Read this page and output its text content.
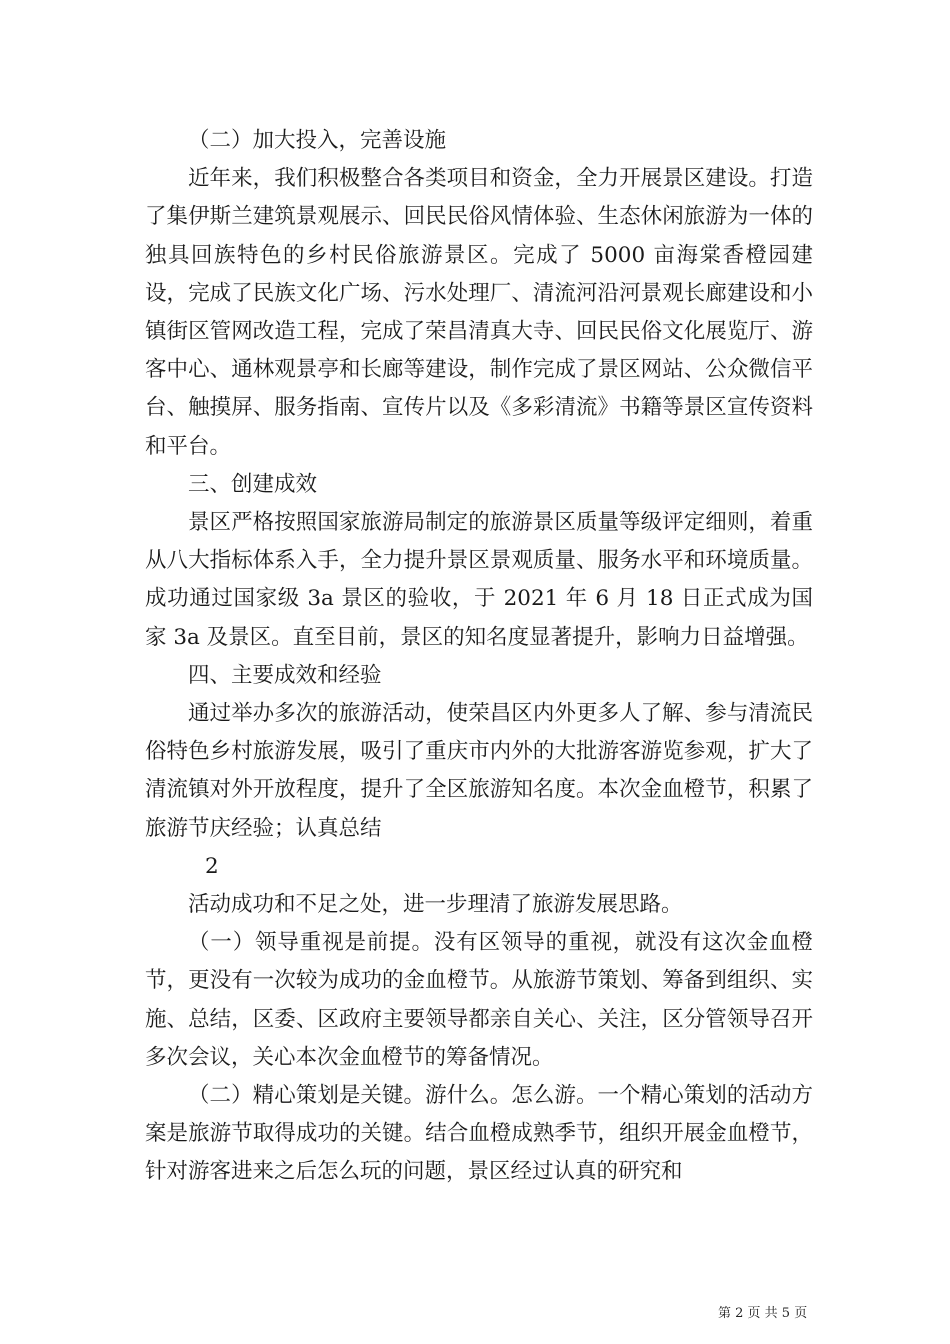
（二）加大投入，完善设施

近年来，我们积极整合各类项目和资金，全力开展景区建设。打造了集伊斯兰建筑景观展示、回民民俗风情体验、生态休闲旅游为一体的独具回族特色的乡村民俗旅游景区。完成了 5000 亩海棠香橙园建设，完成了民族文化广场、污水处理厂、清流河沿河景观长廊建设和小镇街区管网改造工程，完成了荣昌清真大寺、回民民俗文化展览厅、游客中心、通林观景亭和长廊等建设，制作完成了景区网站、公众微信平台、触摸屏、服务指南、宣传片以及《多彩清流》书籍等景区宣传资料和平台。

三、创建成效

景区严格按照国家旅游局制定的旅游景区质量等级评定细则，着重从八大指标体系入手，全力提升景区景观质量、服务水平和环境质量。成功通过国家级 3a 景区的验收，于 2021 年 6 月 18 日正式成为国家 3a 及景区。直至目前，景区的知名度显著提升，影响力日益增强。

四、主要成效和经验

通过举办多次的旅游活动，使荣昌区内外更多人了解、参与清流民俗特色乡村旅游发展，吸引了重庆市内外的大批游客游览参观，扩大了清流镇对外开放程度，提升了全区旅游知名度。本次金血橙节，积累了旅游节庆经验；认真总结

2

活动成功和不足之处，进一步理清了旅游发展思路。

（一）领导重视是前提。没有区领导的重视，就没有这次金血橙节，更没有一次较为成功的金血橙节。从旅游节策划、筹备到组织、实施、总结，区委、区政府主要领导都亲自关心、关注，区分管领导召开多次会议，关心本次金血橙节的筹备情况。

（二）精心策划是关键。游什么。怎么游。一个精心策划的活动方案是旅游节取得成功的关键。结合血橙成熟季节，组织开展金血橙节，针对游客进来之后怎么玩的问题，景区经过认真的研究和

第 2 页 共 5 页
